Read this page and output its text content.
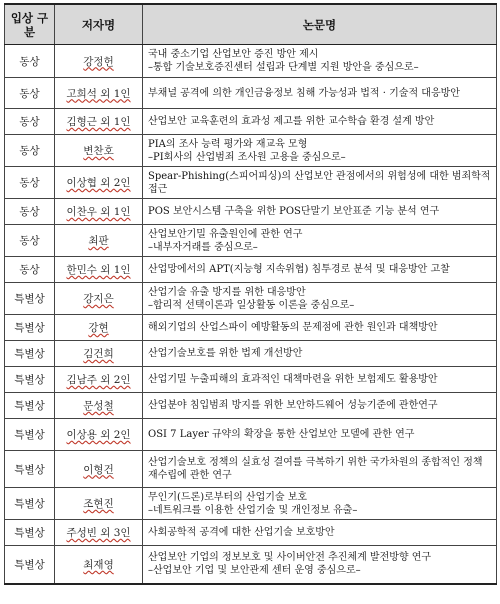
입상 구분	저자명	논문명
동상	강정헌	국내 중소기업 산업보안 증진 방안 제시
–통합 기술보호증진센터 설립과 단계별 지원 방안을 중심으로–

동상	고희석 외 1인	부채널 공격에 의한 개인금융정보 침해 가능성과 법적 · 기술적 대응방안
동상	김형근 외 1인	산업보안 교육훈련의 효과성 제고를 위한 교수학습 환경 설계 방안
동상	변찬호	PIA의 조사 능력 평가와 재교육 모형
–PI회사의 산업범죄 조사원 고용을 중심으로–

동상	이상협 외 2인	Spear-Phishing(스피어피싱)의 산업보안 관점에서의 위험성에 대한 범죄학적 접근
동상	이찬우 외 1인	POS 보안시스템 구축을 위한 POS단말기 보안표준 기능 분석 연구
동상	최판	산업보안기밀 유출원인에 관한 연구
–내부자거래를 중심으로–

동상	한민수 외 1인	산업망에서의 APT(지능형 지속위협) 침투경로 분석 및 대응방안 고찰
특별상	강지은	산업기술 유출 방지를 위한 대응방안
–합리적 선택이론과 일상활동 이론을 중심으로–

특별상	강현	해외기업의 산업스파이 예방활동의 문제점에 관한 원인과 대책방안
특별상	김건희	산업기술보호를 위한 법제 개선방안
특별상	김남주 외 2인	산업기밀 누출피해의 효과적인 대책마련을 위한 보험제도 활용방안
특별상	문성철	산업분야 침입범죄 방지를 위한 보안하드웨어 성능기준에 관한연구
특별상	이상용 외 2인	OSI 7 Layer 규약의 확장을 통한 산업보안 모델에 관한 연구
특별상	이형건	산업기술보호 정책의 실효성 결여를 극복하기 위한 국가차원의 종합적인 정책 재수립에 관한 연구
특별상	조현진	무인기(드론)로부터의 산업기술 보호
–네트워크를 이용한 산업기술 및 개인정보 유출–

특별상	주성빈 외 3인	사회공학적 공격에 대한 산업기술 보호방안
특별상	최재영	산업보안 기업의 정보보호 및 사이버안전 추진체계 발전방향 연구
–산업보안 기업 및 보안관제 센터 운영 중심으로–
